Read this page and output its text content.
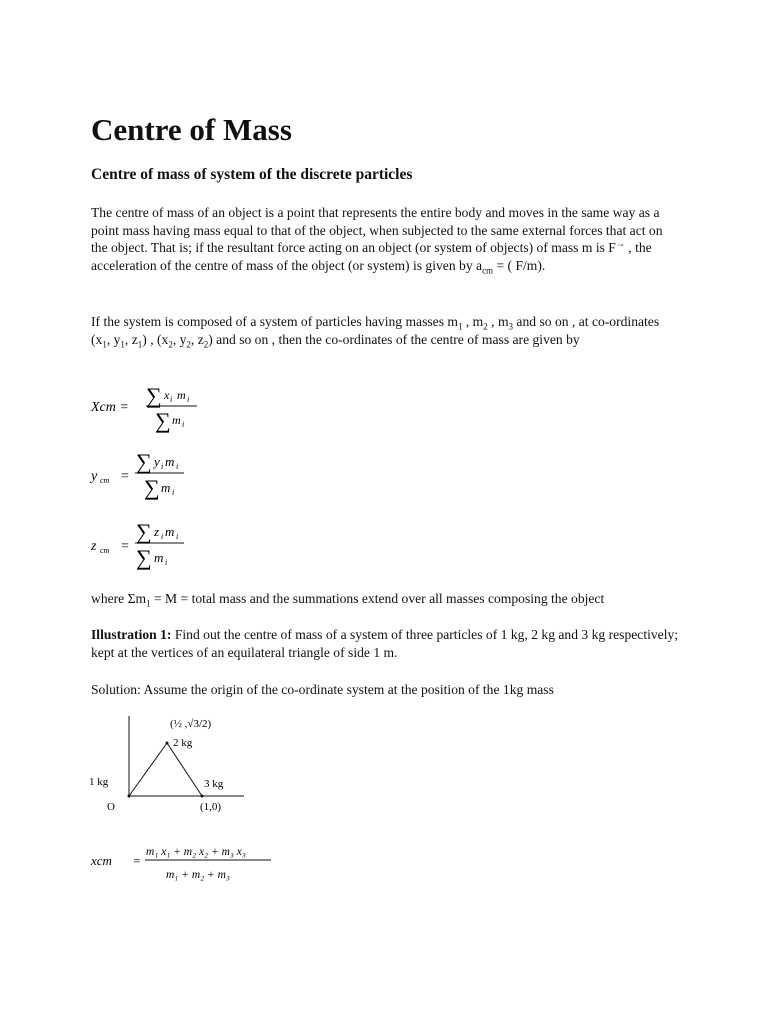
Centre of Mass
Centre of mass of system of the discrete particles

The centre of mass of an object is a point that represents the entire body and moves in the same way as a point mass having mass equal to that of the object, when subjected to the same external forces that act on the object. That is; if the resultant force acting on an object (or system of objects) of mass m is F→ , the acceleration of the centre of mass of the object (or system) is given by $a_{cm}$ = ( F/m).

If the system is composed of a system of particles having masses $m_1$ , $m_2$ , $m_3$ and so on , at co-ordinates ($x_1$, $y_1$, $z_1$) , ($x_2$, $y_2$, $z_2$) and so on , then the co-ordinates of the centre of mass are given by

Xcm = ∑ x i m i
∑ m i
y cm =
∑ y i m i
∑ m i
z cm =
∑ z i m i
∑ m i

where $\Sigma m_1 = M$ = total mass and the summations extend over all masses composing the object

Illustration 1: Find out the centre of mass of a system of three particles of 1 kg, 2 kg and 3 kg respectively; kept at the vertices of an equilateral triangle of side 1 m.

Solution: Assume the origin of the co-ordinate system at the position of the 1kg mass

(½ ,√3/2)
2 kg
1 kg	3 kg
O	(1,0)
xcm =
m₁ x₁ + m₂ x₂ + m₃ x₃
m₁ + m₂ + m₃
